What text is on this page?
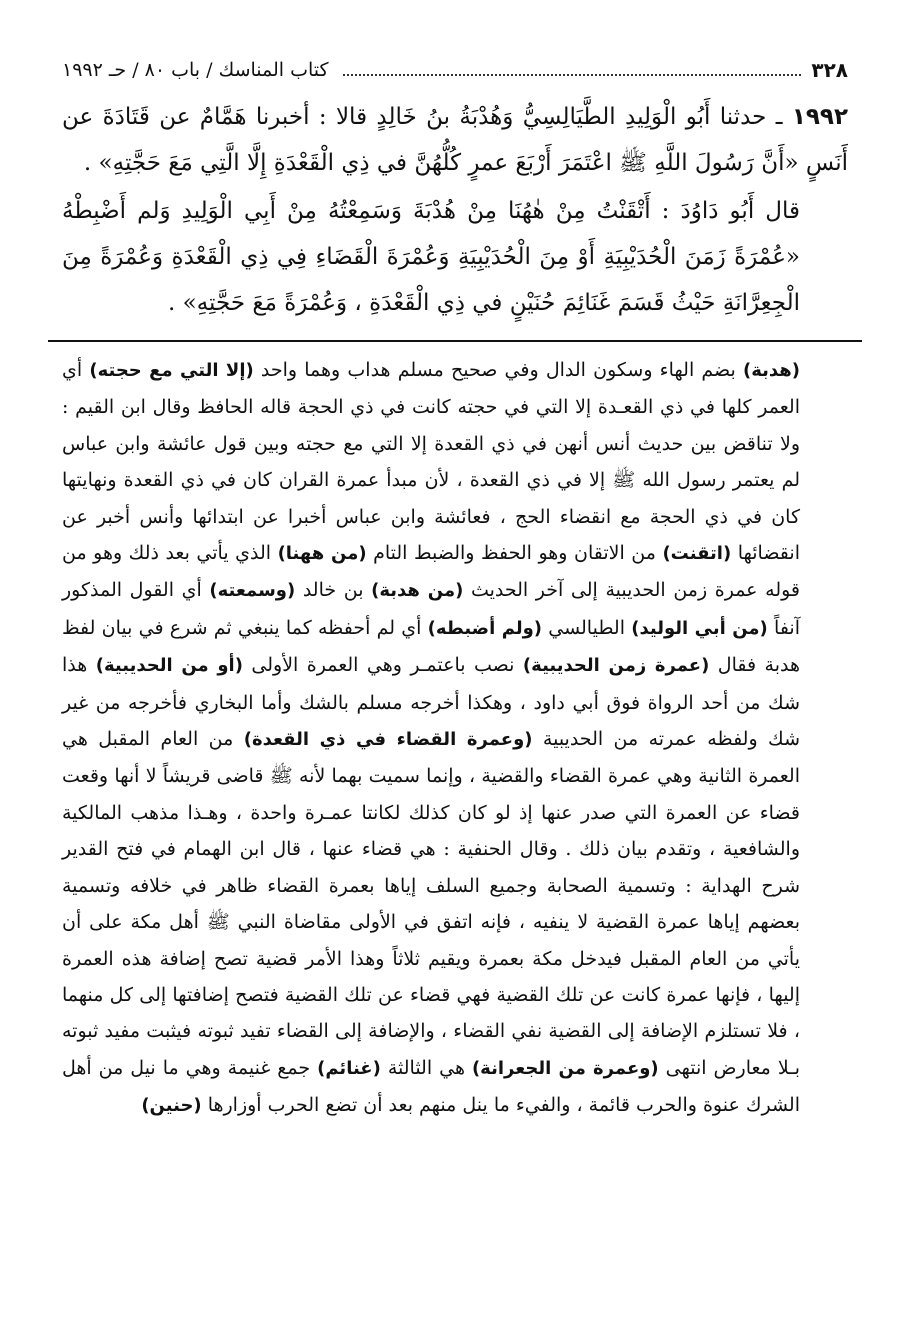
٣٢٨
كتاب المناسك / باب ٨٠ / حـ ١٩٩٢

١٩٩٢ ـ حدثنا أَبُو الْوَلِيدِ الطَّيَالِسِيُّ وَهُدْبَةُ بنُ خَالِدٍ قالا : أخبرنا هَمَّامٌ عن قَتَادَةَ عن أَنَسٍ «أَنَّ رَسُولَ اللَّهِ ﷺ اعْتَمَرَ أَرْبَعَ عمرٍ كُلُّهُنَّ في ذِي الْقَعْدَةِ إِلَّا الَّتِي مَعَ حَجَّتِهِ» .

قال أَبُو دَاوُدَ : أَتْقَنْتُ مِنْ هٰهُنَا مِنْ هُدْبَةَ وَسَمِعْتُهُ مِنْ أَبِي الْوَلِيدِ وَلم أَضْبِطْهُ «عُمْرَةً زَمَنَ الْحُدَيْبِيَةِ أَوْ مِنَ الْحُدَيْبِيَةِ وَعُمْرَةَ الْقَضَاءِ فِي ذِي الْقَعْدَةِ وَعُمْرَةً مِنَ الْجِعِرَّانَةِ حَيْثُ قَسَمَ غَنَائِمَ حُنَيْنٍ في ذِي الْقَعْدَةِ ، وَعُمْرَةً مَعَ حَجَّتِهِ» .

(هدبة) بضم الهاء وسكون الدال وفي صحيح مسلم هداب وهما واحد (إلا التي مع حجته) أي العمر كلها في ذي القعـدة إلا التي في حجته كانت في ذي الحجة قاله الحافظ وقال ابن القيم : ولا تناقض بين حديث أنس أنهن في ذي القعدة إلا التي مع حجته وبين قول عائشة وابن عباس لم يعتمر رسول الله ﷺ إلا في ذي القعدة ، لأن مبدأ عمرة القران كان في ذي القعدة ونهايتها كان في ذي الحجة مع انقضاء الحج ، فعائشة وابن عباس أخبرا عن ابتدائها وأنس أخبر عن انقضائها (اتقنت) من الاتقان وهو الحفظ والضبط التام (من ههنا) الذي يأتي بعد ذلك وهو من قوله عمرة زمن الحديبية إلى آخر الحديث (من هدبة) بن خالد (وسمعته) أي القول المذكور آنفاً (من أبي الوليد) الطيالسي (ولم أضبطه) أي لم أحفظه كما ينبغي ثم شرع في بيان لفظ هدبة فقال (عمرة زمن الحديبية) نصب باعتمـر وهي العمرة الأولى (أو من الحديبية) هذا شك من أحد الرواة فوق أبي داود ، وهكذا أخرجه مسلم بالشك وأما البخاري فأخرجه من غير شك ولفظه عمرته من الحديبية (وعمرة القضاء في ذي القعدة) من العام المقبل هي العمرة الثانية وهي عمرة القضاء والقضية ، وإنما سميت بهما لأنه ﷺ قاضى قريشاً لا أنها وقعت قضاء عن العمرة التي صدر عنها إذ لو كان كذلك لكانتا عمـرة واحدة ، وهـذا مذهب المالكية والشافعية ، وتقدم بيان ذلك . وقال الحنفية : هي قضاء عنها ، قال ابن الهمام في فتح القدير شرح الهداية : وتسمية الصحابة وجميع السلف إياها بعمرة القضاء ظاهر في خلافه وتسمية بعضهم إياها عمرة القضية لا ينفيه ، فإنه اتفق في الأولى مقاضاة النبي ﷺ أهل مكة على أن يأتي من العام المقبل فيدخل مكة بعمرة ويقيم ثلاثاً وهذا الأمر قضية تصح إضافة هذه العمرة إليها ، فإنها عمرة كانت عن تلك القضية فهي قضاء عن تلك القضية فتصح إضافتها إلى كل منهما ، فلا تستلزم الإضافة إلى القضية نفي القضاء ، والإضافة إلى القضاء تفيد ثبوته فيثبت مفيد ثبوته بـلا معارض انتهى (وعمرة من الجعرانة) هي الثالثة (غنائم) جمع غنيمة وهي ما نيل من أهل الشرك عنوة والحرب قائمة ، والفيء ما ينل منهم بعد أن تضع الحرب أوزارها (حنين)
